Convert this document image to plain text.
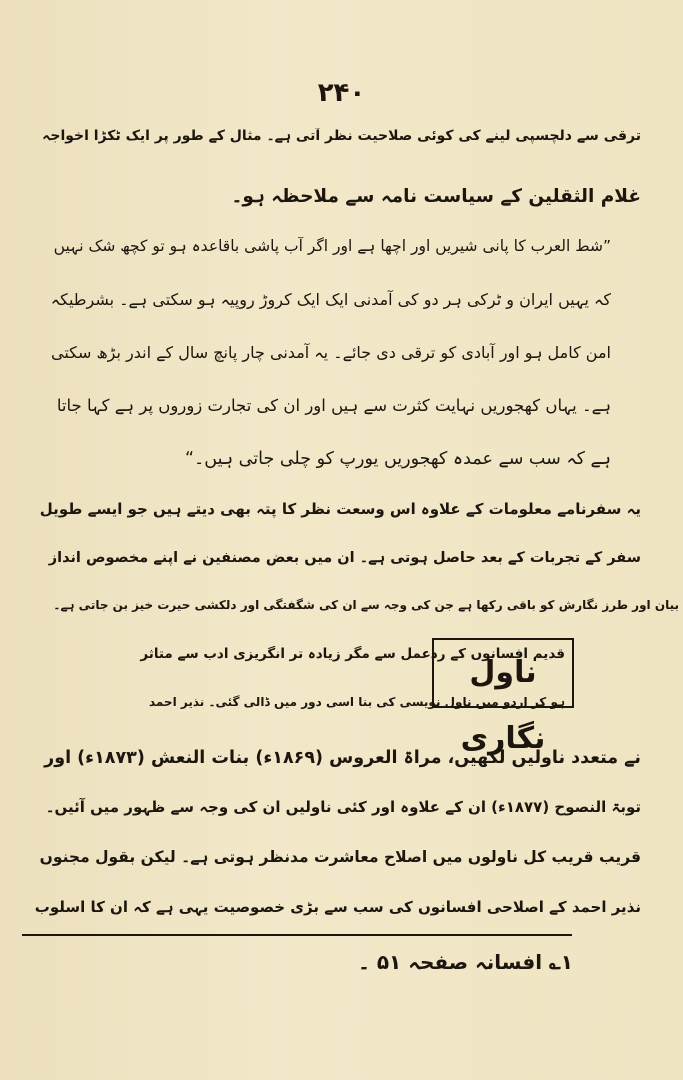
۲۴۰
ترقی سے دلچسپی لینے کی کوئی صلاحیت نظر آتی ہے۔ مثال کے طور پر ایک ٹکڑا اخواجہ
غلام الثقلین کے سیاست نامہ سے ملاحظہ ہو۔
”شط العرب کا پانی شیریں اور اچھا ہے اور اگر آب پاشی باقاعدہ ہو تو کچھ شک نہیں
کہ یہیں ایران و ٹرکی ہر دو کی آمدنی ایک ایک کروڑ روپیہ ہو سکتی ہے۔ بشرطیکہ
امن کامل ہو اور آبادی کو ترقی دی جائے۔ یہ آمدنی چار پانچ سال کے اندر بڑھ سکتی
ہے۔ یہاں کھجوریں نہایت کثرت سے ہیں اور ان کی تجارت زوروں پر ہے کہا جاتا
ہے کہ سب سے عمدہ کھجوریں یورپ کو چلی جاتی ہیں۔“
یہ سفرنامے معلومات کے علاوہ اس وسعت نظر کا پتہ بھی دیتے ہیں جو ایسے طویل
سفر کے تجربات کے بعد حاصل ہوتی ہے۔ ان میں بعض مصنفین نے اپنے مخصوص انداز
بیان اور طرز نگارش کو باقی رکھا ہے جن کی وجہ سے ان کی شگفتگی اور دلکشی حیرت خیز بن جاتی ہے۔
ناول نگاری
قدیم افسانوں کے ردعمل سے مگر زیادہ تر انگریزی ادب سے متاثر
ہو کر اردو میں ناول نویسی کی بنا اسی دور میں ڈالی گئی۔ نذیر احمد
نے متعدد ناولیں لکھیں، مراۃ العروس (۱۸۶۹ء) بنات النعش (۱۸۷۳ء) اور
توبۃ النصوح (۱۸۷۷ء) ان کے علاوہ اور کئی ناولیں ان کی وجہ سے ظہور میں آئیں۔
قریب قریب کل ناولوں میں اصلاح معاشرت مدنظر ہوتی ہے۔ لیکن بقول مجنوں
نذیر احمد کے اصلاحی افسانوں کی سب سے بڑی خصوصیت یہی ہے کہ ان کا اسلوب
۱؎ افسانہ صفحہ ۵۱ ۔
